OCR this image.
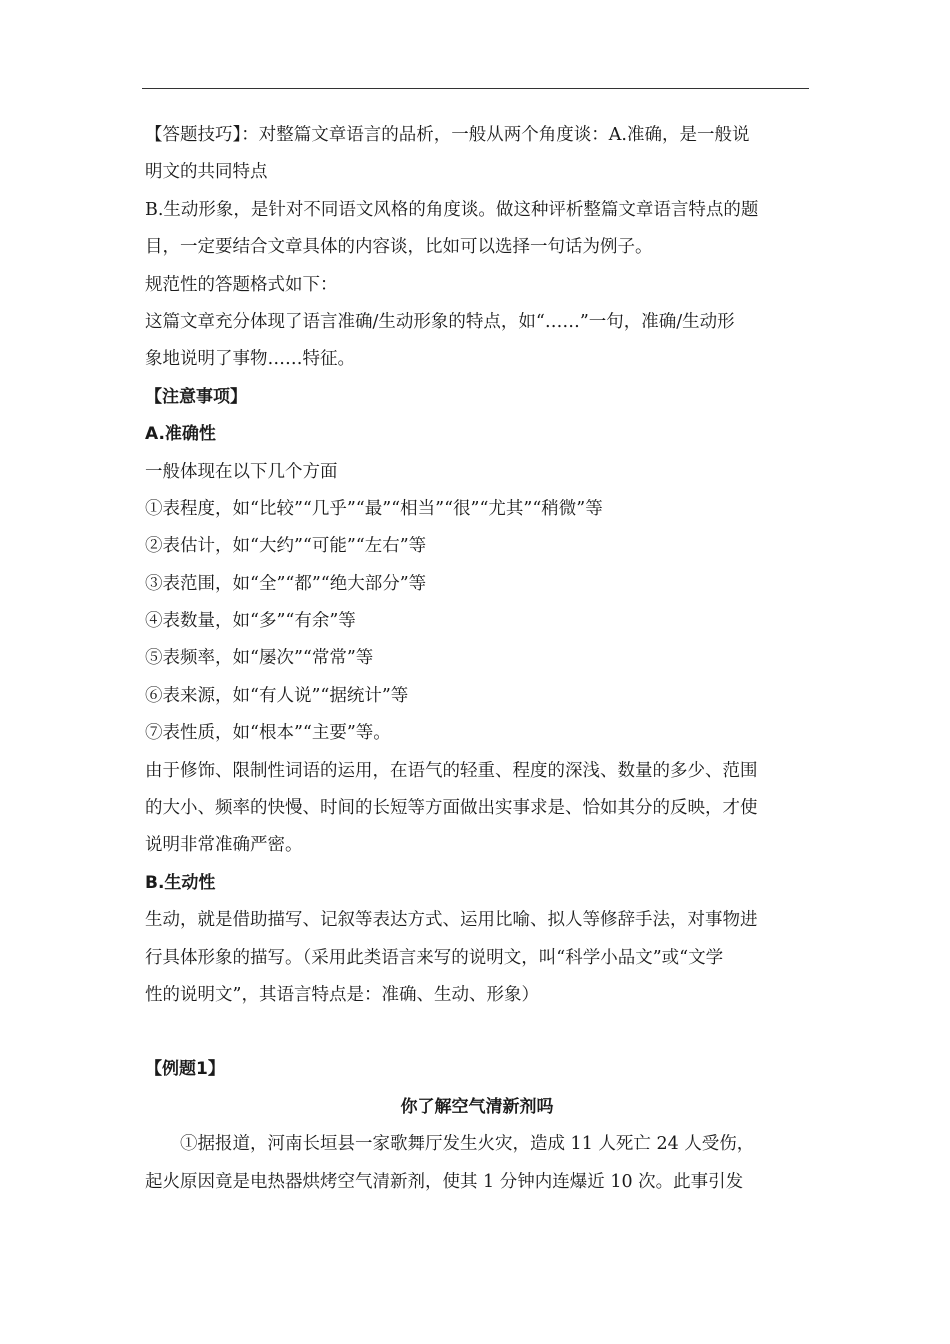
【答题技巧】：对整篇文章语言的品析，一般从两个角度谈：A.准确，是一般说
明文的共同特点
B.生动形象，是针对不同语文风格的角度谈。做这种评析整篇文章语言特点的题
目，一定要结合文章具体的内容谈，比如可以选择一句话为例子。
规范性的答题格式如下：
这篇文章充分体现了语言准确/生动形象的特点，如“……”一句，准确/生动形
象地说明了事物……特征。
【注意事项】
A.准确性
一般体现在以下几个方面
①表程度，如“比较”“几乎”“最”“相当”“很”“尤其”“稍微”等
②表估计，如“大约”“可能”“左右”等
③表范围，如“全”“都”“绝大部分”等
④表数量，如“多”“有余”等
⑤表频率，如“屡次”“常常”等
⑥表来源，如“有人说”“据统计”等
⑦表性质，如“根本”“主要”等。
由于修饰、限制性词语的运用，在语气的轻重、程度的深浅、数量的多少、范围
的大小、频率的快慢、时间的长短等方面做出实事求是、恰如其分的反映，才使
说明非常准确严密。
B.生动性
生动，就是借助描写、记叙等表达方式、运用比喻、拟人等修辞手法，对事物进
行具体形象的描写。（采用此类语言来写的说明文，叫“科学小品文”或“文学
性的说明文”，其语言特点是：准确、生动、形象）
【例题1】
你了解空气清新剂吗
①据报道，河南长垣县一家歌舞厅发生火灾，造成 11 人死亡 24 人受伤，
起火原因竟是电热器烘烤空气清新剂，使其 1 分钟内连爆近 10 次。此事引发
